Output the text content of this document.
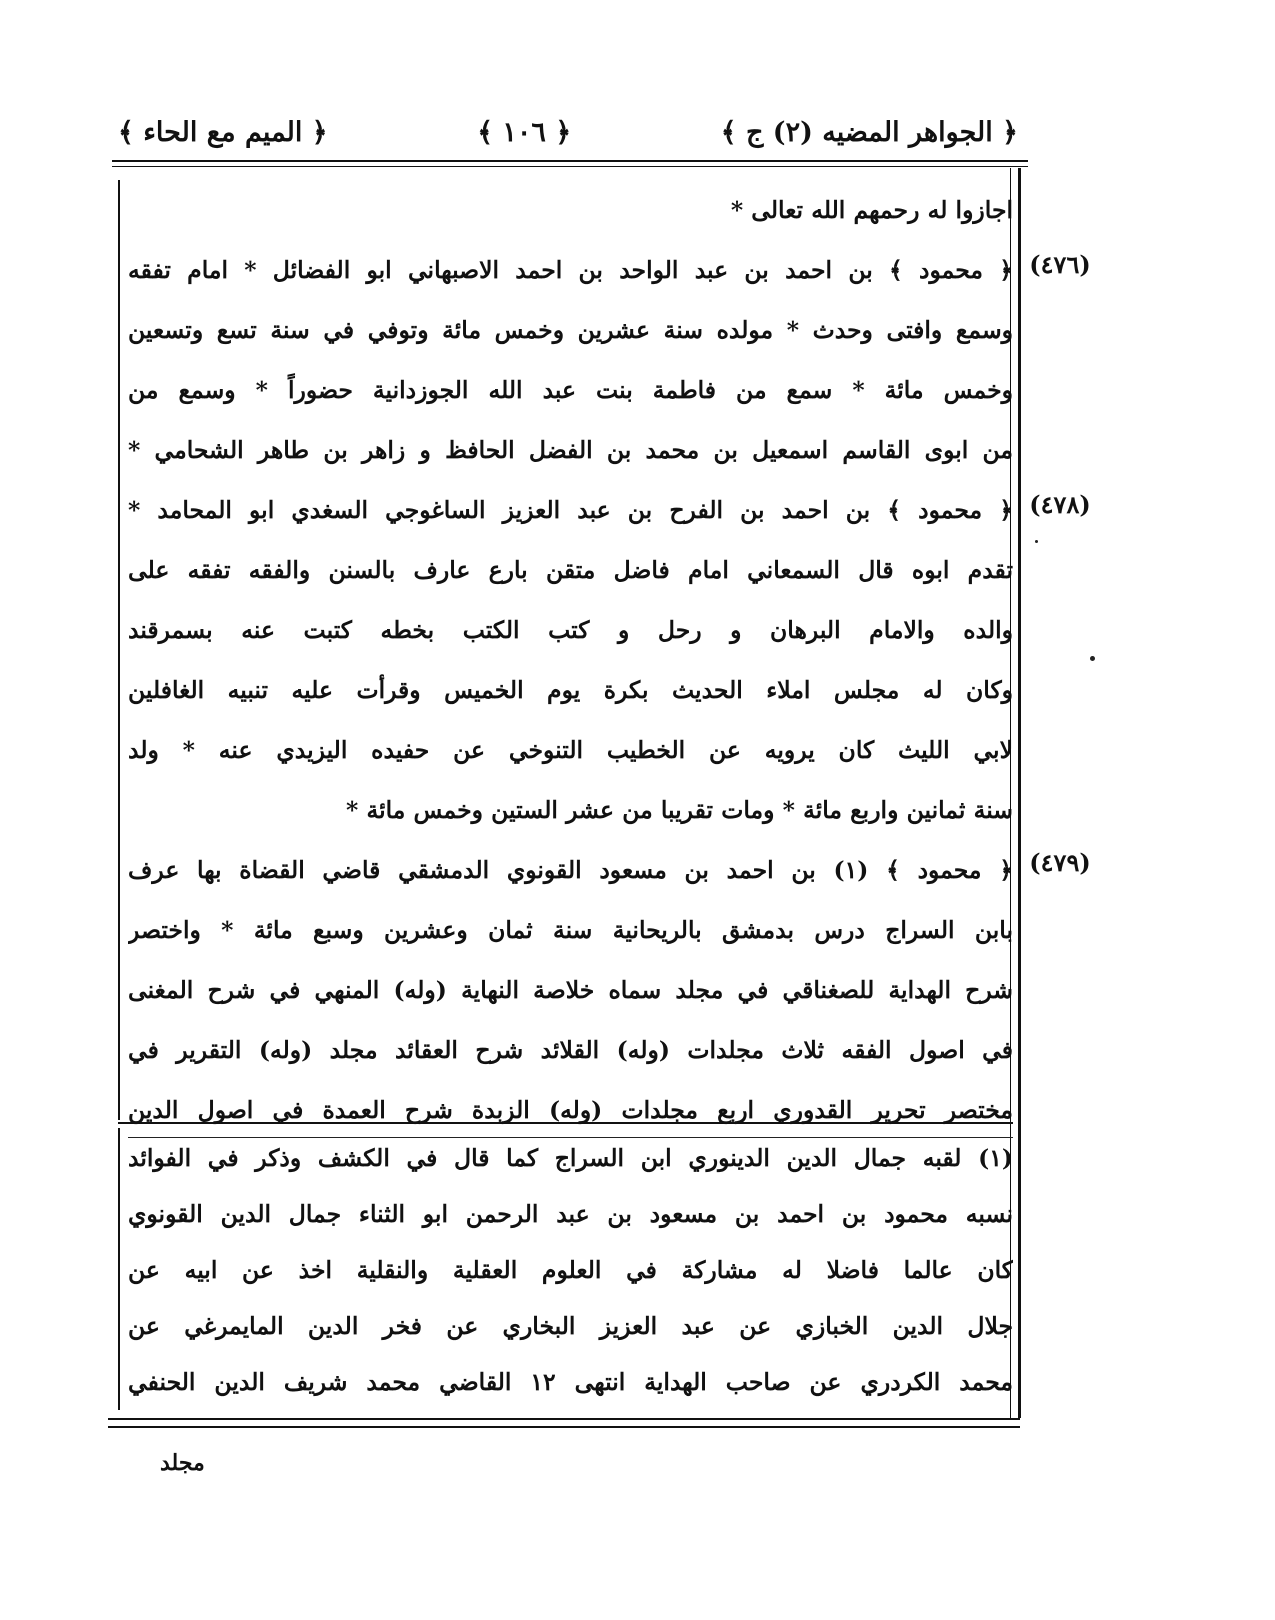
﴿ الجواهر المضيه (٢) ج ﴾
﴿ ١٠٦ ﴾
﴿ الميم مع الحاء ﴾
(٤٧٦)
(٤٧٨)
(٤٧٩)
اجازوا له رحمهم الله تعالى *
﴿ محمود ﴾ بن احمد بن عبد الواحد بن احمد الاصبهاني ابو الفضائل * امام تفقه
وسمع وافتى وحدث * مولده سنة عشرين وخمس مائة وتوفي في سنة تسع وتسعين
وخمس مائة * سمع من فاطمة بنت عبد الله الجوزدانية حضوراً * وسمع من
من ابوى القاسم اسمعيل بن محمد بن الفضل الحافظ و زاهر بن طاهر الشحامي *
﴿ محمود ﴾ بن احمد بن الفرح بن عبد العزيز الساغوجي السغدي ابو المحامد *
تقدم ابوه قال السمعاني امام فاضل متقن بارع عارف بالسنن والفقه تفقه على
والده والامام البرهان و رحل و كتب الكتب بخطه كتبت عنه بسمرقند
وكان له مجلس املاء الحديث بكرة يوم الخميس وقرأت عليه تنبيه الغافلين
لابي الليث كان يرويه عن الخطيب التنوخي عن حفيده اليزيدي عنه * ولد
سنة ثمانين واربع مائة * ومات تقريبا من عشر الستين وخمس مائة *
﴿ محمود ﴾ (١) بن احمد بن مسعود القونوي الدمشقي قاضي القضاة بها عرف
بابن السراج درس بدمشق بالريحانية سنة ثمان وعشرين وسبع مائة * واختصر
شرح الهداية للصغناقي في مجلد سماه خلاصة النهاية (وله) المنهي في شرح المغنى
في اصول الفقه ثلاث مجلدات (وله) القلائد شرح العقائد مجلد (وله) التقرير في
مختصر تحرير القدوري اربع مجلدات (وله) الزبدة شرح العمدة في اصول الدين
(١) لقبه جمال الدين الدينوري ابن السراج كما قال في الكشف وذكر في الفوائد
نسبه محمود بن احمد بن مسعود بن عبد الرحمن ابو الثناء جمال الدين القونوي
كان عالما فاضلا له مشاركة في العلوم العقلية والنقلية اخذ عن ابيه عن
جلال الدين الخبازي عن عبد العزيز البخاري عن فخر الدين المايمرغي عن
محمد الكردري عن صاحب الهداية انتهى ١٢ القاضي محمد شريف الدين الحنفي
مجلد
